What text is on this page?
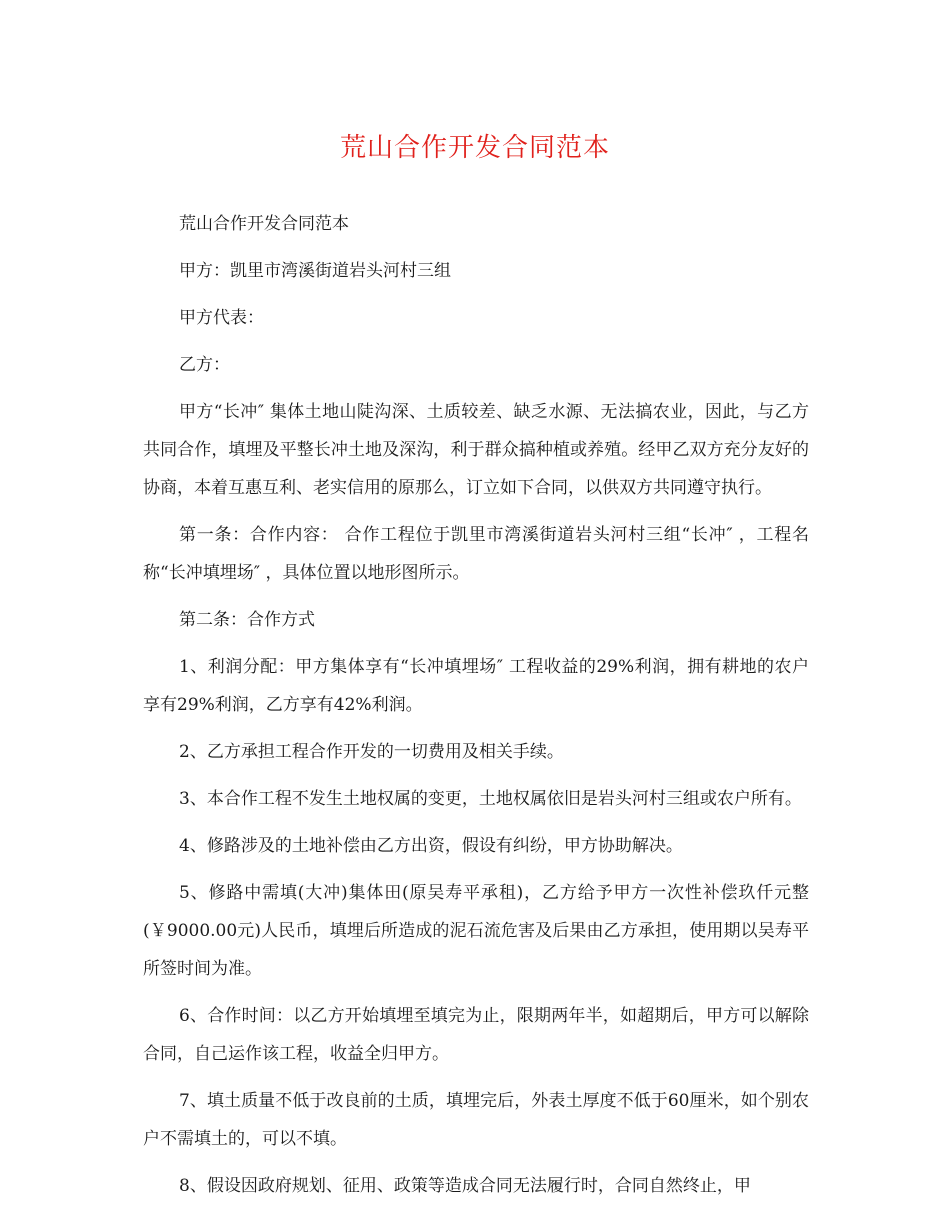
荒山合作开发合同范本

荒山合作开发合同范本

甲方：凯里市湾溪街道岩头河村三组

甲方代表：

乙方：

甲方“长冲″ 集体土地山陡沟深、土质较差、缺乏水源、无法搞农业，因此，与乙方共同合作，填埋及平整长冲土地及深沟，利于群众搞种植或养殖。经甲乙双方充分友好的协商，本着互惠互利、老实信用的原那么，订立如下合同，以供双方共同遵守执行。

第一条：合作内容： 合作工程位于凯里市湾溪街道岩头河村三组“长冲″ ，工程名称“长冲填埋场″ ，具体位置以地形图所示。

第二条：合作方式

1、利润分配：甲方集体享有“长冲填埋场″ 工程收益的29%利润，拥有耕地的农户享有29%利润，乙方享有42%利润。

2、乙方承担工程合作开发的一切费用及相关手续。

3、本合作工程不发生土地权属的变更，土地权属依旧是岩头河村三组或农户所有。

4、修路涉及的土地补偿由乙方出资，假设有纠纷，甲方协助解决。

5、修路中需填(大冲)集体田(原吴寿平承租)，乙方给予甲方一次性补偿玖仟元整(￥9000.00元)人民币，填埋后所造成的泥石流危害及后果由乙方承担，使用期以吴寿平所签时间为准。

6、合作时间：以乙方开始填埋至填完为止，限期两年半，如超期后，甲方可以解除合同，自己运作该工程，收益全归甲方。

7、填土质量不低于改良前的土质，填埋完后，外表土厚度不低于60厘米，如个别农户不需填土的，可以不填。

8、假设因政府规划、征用、政策等造成合同无法履行时，合同自然终止，甲
